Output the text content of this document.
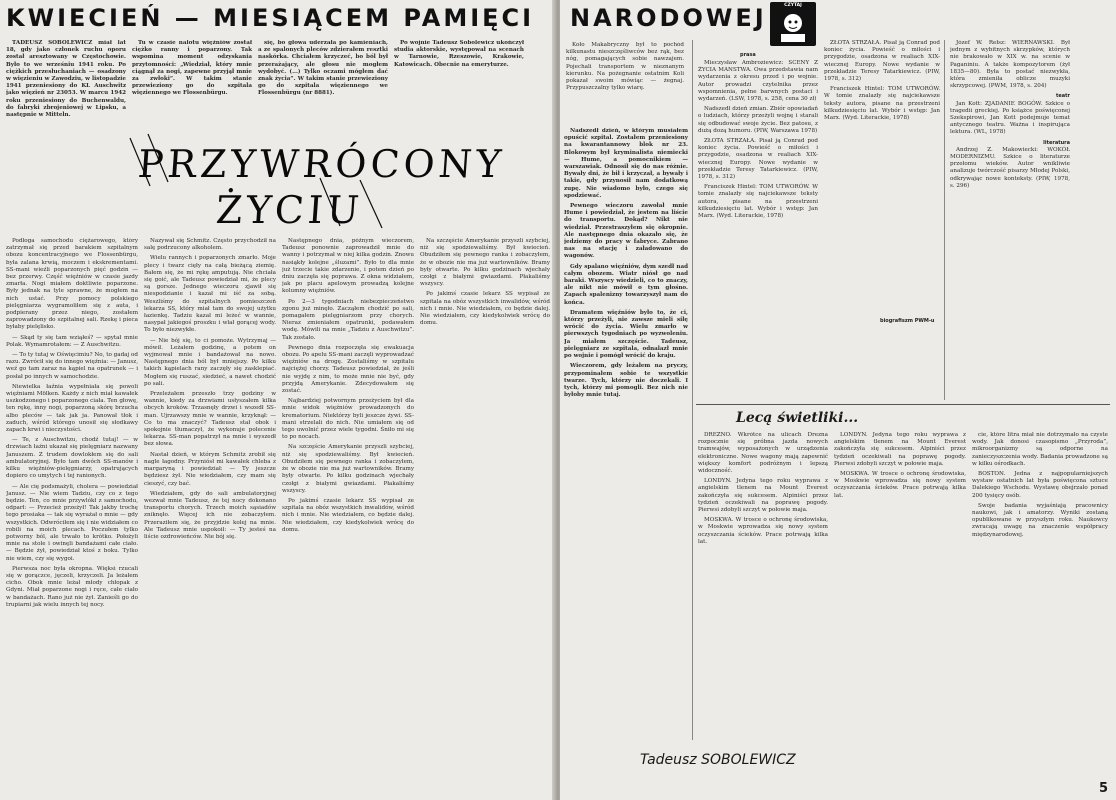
KWIECIEŃ — MIESIĄCEM PAMIĘCI

TADEUSZ SOBOLEWICZ miał lat 18, gdy jako członek ruchu oporu został aresztowany w Częstochowie. Było to we wrześniu 1941 roku. Po ciężkich przesłuchaniach — osadzony w więzieniu w Zawodziu, w listopadzie 1941 przeniesiony do KL Auschwitz jako więzień nr 23053. W marcu 1942 roku przeniesiony do Buchenwaldu, do fabryki zbrojeniowej w Lipsku, a następnie w Mitteln.

Tu w czasie nalotu więźniów został ciężko ranny i poparzony. Tak wspomina moment odzyskania przytomności: „Wiedział, który mnie ciągnął za nogi, zapewne przyjął mnie za zwłoki”. W takim stanie przewieziony go do szpitala więziennego we Flossenbürgu.

się, bo głowa uderzała po kamieniach, a ze spalonych pleców zdzierałem resztki naskórka. Chciałem krzyczeć, bo ból był przerażający, ale głosu nie mogłem wydobyć. (...) Tylko oczami mógłem dać znak życia”. W takim stanie przewieziony go do szpitala więziennego we Flossenbürgu (nr 8881).

Po wojnie Tadeusz Sobolewicz ukończył studia aktorskie, występował na scenach w Tarnowie, Rzeszowie, Krakowie, Katowicach. Obecnie na emeryturze.

PRZYWRÓCONY
ŻYCIU

Podłoga samochodu ciężarowego, który zatrzymał się przed barakiem szpitalnym obozu koncentracyjnego we Flossenbürgu, była zalana krwią, moczem i ekskrementami. SS-mani wieźli poparzonych pięć godzin — bez przerwy. Część więźniów w czasie jazdy zmarła. Nogi miałem doktliwie poparzone. Były jednak na tyle sprawne, że mogłem na nich ustać. Przy pomocy polskiego pielęgniarza wygramoliłem się z auta, i podpierany przez niego, zostałem zaprowadzony do szpitalnej sali. Rzekę i pieca byłaby pielęlisko.

— Skąd ty się tam wziąłeś? — spytał mnie Polak. Wymamrotałem: — Z Auschwitzu.

— To ty tutaj w Oświęcimiu? No, to gadaj od razu. Zwrócił się do innego więźnia: — Janusz, weź go tam zaraz na kąpiel na opatrunek — i posłał po innych w samochodzie.

Niewielka łaźnia wypełniała się powoli więźniami Mölken. Każdy z nich miał kawałek uszkodzonego i poparzonego ciała. Ten głowę, ten rękę, inny nogi, poparzoną skórę brzucha albo pleców — tak jak ja. Panował tłok i zaduch, wśród którego unosił się słodkawy zapach krwi i nieczystości.

— Te, z Auschwitzu, chodź tutaj! — w drzwiach łaźni ukazał się pielęgniarz nazwany Januszem. Z trudem dowlokłem się do sali ambulatoryjnej. Było tam dwóch SS-manów i kilku więźniów-pielęgniarzy, opatrujących dopiero co umytych i tej ranionych.

— Ale cię podsmażyli, cholera — powiedział Janusz. — Nie wiem Tadziu, czy co z tego będzie. Ten, co mnie przywlókł z samochodu, odparł: — Przecież przeżył! Tak jakby trochę tego prosiaka — tak się wyrażał o mnie — gdy wszystkich. Odwróciłem się i nie widziałem co robili na moich plecach. Poczułem tylko potworny ból, ale trwało to krótko. Położyli mnie na stole i owinęli bandażami całe ciało. — Będzie żył, powiedział ktoś z boku. Tylko nie wiem, czy się wygoi.

Pierwsza noc była okropna. Więksi rzucali się w gorączce, jęczeli, krzyczeli. Ja leżałem cicho. Obok mnie leżał młody chłopak z Gdyni. Miał poparzone nogi i ręce, całe ciało w bandażach. Rano już nie żył. Zanieśli go do trupiarni jak wielu innych tej nocy.

Nazywał się Schmitz. Często przychodził na salę podrzucony alkoholem.

Wielu rannych i poparzonych zmarło. Moje plecy i twarz cięły na całą bieżącą ziemię. Bałem się, że mi rękę amputują. Nie chciała się goić, ale Tadeusz powiedział mi, że plecy są gorsze. Jednego wieczoru zjawił się niespodzianie i kazał mi iść za sobą. Weszliśmy do szpitalnych pomieszczeń lekarza SS, który miał tam do swojej użytku łazienkę. Tadziu kazał mi leżeć w wannie, nasypał jakiegoś proszku i wlał gorącej wody. To było niezwykłe.

— Nie bój się, to ci pomoże. Wytrzymaj — mówił. Leżałem godzinę, a potem on wyjmował mnie i bandażował na nowo. Następnego dnia ból był mniejszy. Po kilku takich kąpielach rany zaczęły się zasklepiać. Mogłem się ruszać, siedzieć, a nawet chodzić po sali.

Przeleżałem przeszło trzy godziny w wannie, kiedy za drzwiami usłyszałem kilka obcych kroków. Trzasnęły drzwi i wszedł SS-man. Ujrzawszy mnie w wannie, krzyknął: — Co to ma znaczyć? Tadeusz stał obok i spokojnie tłumaczył, że wykonuje polecenie lekarza. SS-man popatrzył na mnie i wyszedł bez słowa.

Nastał dzień, w którym Schmitz zrobił się nagle łagodny. Przyniósł mi kawałek chleba z margaryną i powiedział: — Ty jeszcze będziesz żył. Nie wiedziałem, czy mam się cieszyć, czy bać.

Wiedziałem, gdy do sali ambulatoryjnej wezwał mnie Tadeusz, że tej nocy dokonano transportu chorych. Trzech moich sąsiadów zniknęło. Więcej ich nie zobaczyłem. Przeraziłem się, że przyjdzie kolej na mnie. Ale Tadeusz mnie uspokoił: — Ty jesteś na liście ozdrowieńców. Nie bój się.

Następnego dnia, późnym wieczorem, Tadeusz ponownie zaprowadził mnie do wanny i potrzymał w niej kilka godzin. Znowu nasiąkły kolejne „śluzami”. Było to dla mnie już trzecie takie zdarzenie, i potem dzień po dniu zaczęła się poprawa. Z okna widziałem, jak po placu apelowym prowadzą kolejne kolumny więźniów.

Po 2—3 tygodniach niebezpieczeństwo zgonu już minęło. Zacząłem chodzić po sali, pomagałem pielęgniarzom przy chorych. Nieraz zmieniałem opatrunki, podawałem wodę. Mówili na mnie „Tadziu z Auschwitzu”. Tak zostało.

Pewnego dnia rozpoczęła się ewakuacja obozu. Po apelu SS-mani zaczęli wyprowadzać więźniów na drogę. Zostaliśmy w szpitalu najciężej chorzy. Tadeusz powiedział, że jeśli nie wyjdę z nim, to może mnie nie być, gdy przyjdą Amerykanie. Zdecydowałem się zostać.

Najbardziej potwornym przeżyciem był dla mnie widok więźniów prowadzonych do krematorium. Niektórzy byli jeszcze żywi. SS-mani strzelali do nich. Nie umiałem się od tego uwolnić przez wiele tygodni. Śniło mi się to po nocach.

Na szczęście Amerykanie przyszli szybciej, niż się spodziewaliśmy. Był kwiecień. Obudziłem się pewnego ranka i zobaczyłem, że w obozie nie ma już wartowników. Bramy były otwarte. Po kilku godzinach wjechały czołgi z białymi gwiazdami. Płakaliśmy wszyscy.

Po jakimś czasie lekarz SS wypisał ze szpitala na obóz wszystkich inwalidów, wśród nich i mnie. Nie wiedziałem, co będzie dalej. Nie wiedziałem, czy kiedykolwiek wrócę do domu.

Na szczęście Amerykanie przyszli szybciej, niż się spodziewaliśmy. Był kwiecień. Obudziłem się pewnego ranka i zobaczyłem, że w obozie nie ma już wartowników. Bramy były otwarte. Po kilku godzinach wjechały czołgi z białymi gwiazdami. Płakaliśmy wszyscy.

Po jakimś czasie lekarz SS wypisał ze szpitala na obóz wszystkich inwalidów, wśród nich i mnie. Nie wiedziałem, co będzie dalej. Nie wiedziałem, czy kiedykolwiek wrócę do domu.

NARODOWEJ	CZYTAJ

Koło Makabryczny był to pochód kilkunastu nieszczęśliwców bez rąk, bez nóg, pomagających sobie nawzajem. Pojechali transportem w nieznanym kierunku. Na pożegnanie ostatnim Koli pokazał swoim mówiąc — żegnaj. Przypuszczalny tylko wiarę.

Nadszedł dzień, w którym musiałem opuścić szpital. Zostałem przeniesiony na kwarantannowy blok nr 23. Blokowym był kryminalista niemiecki — Hume, a pomocnikiem — warszawiak. Odnosił się do nas różnie. Bywały dni, że bił i krzyczał, a bywały i takie, gdy przynosił nam dodatkową zupę. Nie wiadomo było, czego się spodziewać.

Pewnego wieczoru zawołał mnie Hume i powiedział, że jestem na liście do transportu. Dokąd? Nikt nie wiedział. Przestraszyłem się okropnie. Ale następnego dnia okazało się, że jedziemy do pracy w fabryce. Zabrano nas na stację i załadowano do wagonów.

Gdy spalano więźniów, dym szedł nad całym obozem. Wiatr niósł go nad baraki. Wszyscy wiedzieli, co to znaczy, ale nikt nie mówił o tym głośno. Zapach spalenizny towarzyszył nam do końca.

Dramatem więźniów było to, że ci, którzy przeżyli, nie zawsze mieli siłę wrócić do życia. Wielu zmarło w pierwszych tygodniach po wyzwoleniu. Ja miałem szczęście. Tadeusz, pielęgniarz ze szpitala, odnalazł mnie po wojnie i pomógł wrócić do kraju.

Wieczorem, gdy leżałem na pryczy, przypominałem sobie te wszystkie twarze. Tych, którzy nie doczekali. I tych, którzy mi pomogli. Bez nich nie byłoby mnie tutaj.

prasa

Mieczysław Ambroziewicz: SCENY Z ŻYCIA MANSTWA. Owa przedstawia nam wydarzenia z okresu przed i po wojnie. Autor prowadzi czytelnika przez wspomnienia, pełne barwnych postaci i wydarzeń. (LSW, 1978, s. 258, cena 30 zł)

Nadszedł dzień zmian. Zbiór opowiadań o ludziach, którzy przeżyli wojnę i starali się odbudować swoje życie. Bez patosu, z dużą dozą humoru. (PIW, Warszawa 1978)

ZŁOTA STRZAŁA. Pisał ją Conrad pod koniec życia. Powieść o miłości i przygodzie, osadzona w realiach XIX-wiecznej Europy. Nowe wydanie w przekładzie Teresy Tatarkiewicz. (PIW, 1978, s. 312)

Franciszek Hintel: TOM UTWORÓW. W tomie znalazły się najciekawsze teksty autora, pisane na przestrzeni kilkudziesięciu lat. Wybór i wstęp: Jan Marx. (Wyd. Literackie, 1978)

ZŁOTA STRZAŁA. Pisał ją Conrad pod koniec życia. Powieść o miłości i przygodzie, osadzona w realiach XIX-wiecznej Europy. Nowe wydanie w przekładzie Teresy Tatarkiewicz. (PIW, 1978, s. 312)

Franciszek Hintel: TOM UTWORÓW. W tomie znalazły się najciekawsze teksty autora, pisane na przestrzeni kilkudziesięciu lat. Wybór i wstęp: Jan Marx. (Wyd. Literackie, 1978)

biografiszm PWM-u

Józef W. Rełsz: WIERNAWSKI. Był jednym z wybitnych skrzypków, których nie brakowało w XIX w. na scenie w Paganiniu. A także kompozytorem (żył 1835—80). Była to postać niezwykła, która zmieniła oblicze muzyki skrzypcowej. (PWM, 1978, s. 204)

teatr

Jan Kott: ZJADANIE BOGÓW. Szkice o tragedii greckiej. Po książce poświęconej Szekspirowi, Jan Kott podejmuje temat antycznego teatru. Ważna i inspirująca lektura. (WL, 1978)

literatura

Andrzej Z. Makowiecki: WOKÓŁ MODERNIZMU. Szkice o literaturze przełomu wieków. Autor wnikliwie analizuje twórczość pisarzy Młodej Polski, odkrywając nowe konteksty. (PIW, 1978, s. 296)

Lecą świetliki...

DREZNO. Wkrótce na ulicach Drezna rozpocznie się próbna jazda nowych tramwajów, wyposażonych w urządzenia elektroniczne. Nowe wagony mają zapewnić większy komfort podróżnym i lepszą widoczność.

LONDYN. Jedyna tego roku wyprawa z angielskim tlenem na Mount Everest zakończyła się sukcesem. Alpiniści przez tydzień oczekiwali na poprawę pogody. Pierwsi zdobyli szczyt w połowie maja.

MOSKWA. W trosce o ochronę środowiska, w Moskwie wprowadza się nowy system oczyszczania ścieków. Prace potrwają kilka lat.

LONDYN. Jedyna tego roku wyprawa z angielskim tlenem na Mount Everest zakończyła się sukcesem. Alpiniści przez tydzień oczekiwali na poprawę pogody. Pierwsi zdobyli szczyt w połowie maja.

MOSKWA. W trosce o ochronę środowiska, w Moskwie wprowadza się nowy system oczyszczania ścieków. Prace potrwają kilka lat.

cie, które litra miał nie dotrzymało na czyste wody. Jak donosi czasopismo „Przyroda”, mikroorganizmy są odporne na zanieczyszczenia wody. Badania prowadzone są w kilku ośrodkach.

BOSTON. Jedna z najpopularniejszych wystaw ostatnich lat była poświęcona sztuce Dalekiego Wschodu. Wystawę obejrzało ponad 200 tysięcy osób.

Swoje badania wyjaśniają pracownicy naukowi, jak i amatorzy. Wyniki zostaną opublikowane w przyszłym roku. Naukowcy zwracają uwagę na znaczenie współpracy międzynarodowej.

Tadeusz SOBOLEWICZ
5
